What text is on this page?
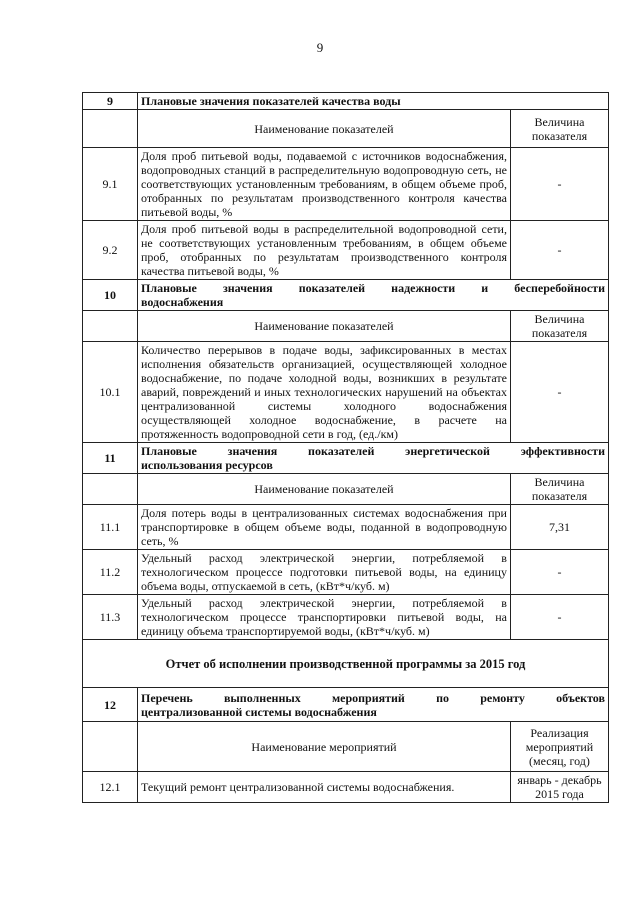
9
9	Плановые значения показателей качества воды	
	Наименование показателей	Величина показателя
9.1	Доля проб питьевой воды, подаваемой с источников водоснабжения, водопроводных станций в распределительную водопроводную сеть, не соответствующих установленным требованиям, в общем объеме проб, отобранных по результатам производственного контроля качества питьевой воды, %	-
9.2	Доля проб питьевой воды в распределительной водопроводной сети, не соответствующих установленным требованиям, в общем объеме проб, отобранных по результатам производственного контроля качества питьевой воды, %	-
10	Плановые значения показателей надежности и бесперебойности
водоснабжения	

	Наименование показателей	Величина показателя
10.1	Количество перерывов в подаче воды, зафиксированных в местах исполнения обязательств организацией, осуществляющей холодное водоснабжение, по подаче холодной воды, возникших в результате аварий, повреждений и иных технологических нарушений на объектах централизованной системы холодного водоснабжения осуществляющей холодное водоснабжение, в расчете на протяженность водопроводной сети в год, (ед./км)	-
11	Плановые значения показателей энергетической эффективности
использования ресурсов	

	Наименование показателей	Величина показателя
11.1	Доля потерь воды в централизованных системах водоснабжения при транспортировке в общем объеме воды, поданной в водопроводную сеть, %	7,31
11.2	Удельный расход электрической энергии, потребляемой в технологическом процессе подготовки питьевой воды, на единицу объема воды, отпускаемой в сеть, (кВт*ч/куб. м)	-
11.3	Удельный расход электрической энергии, потребляемой в технологическом процессе транспортировки питьевой воды, на единицу объема транспортируемой воды, (кВт*ч/куб. м)	-
Отчет об исполнении производственной программы за 2015 год		
12	Перечень выполненных мероприятий по ремонту объектов
централизованной системы водоснабжения	

	Наименование мероприятий	Реализация мероприятий (месяц, год)
12.1	Текущий ремонт централизованной системы водоснабжения.	январь - декабрь 2015 года
